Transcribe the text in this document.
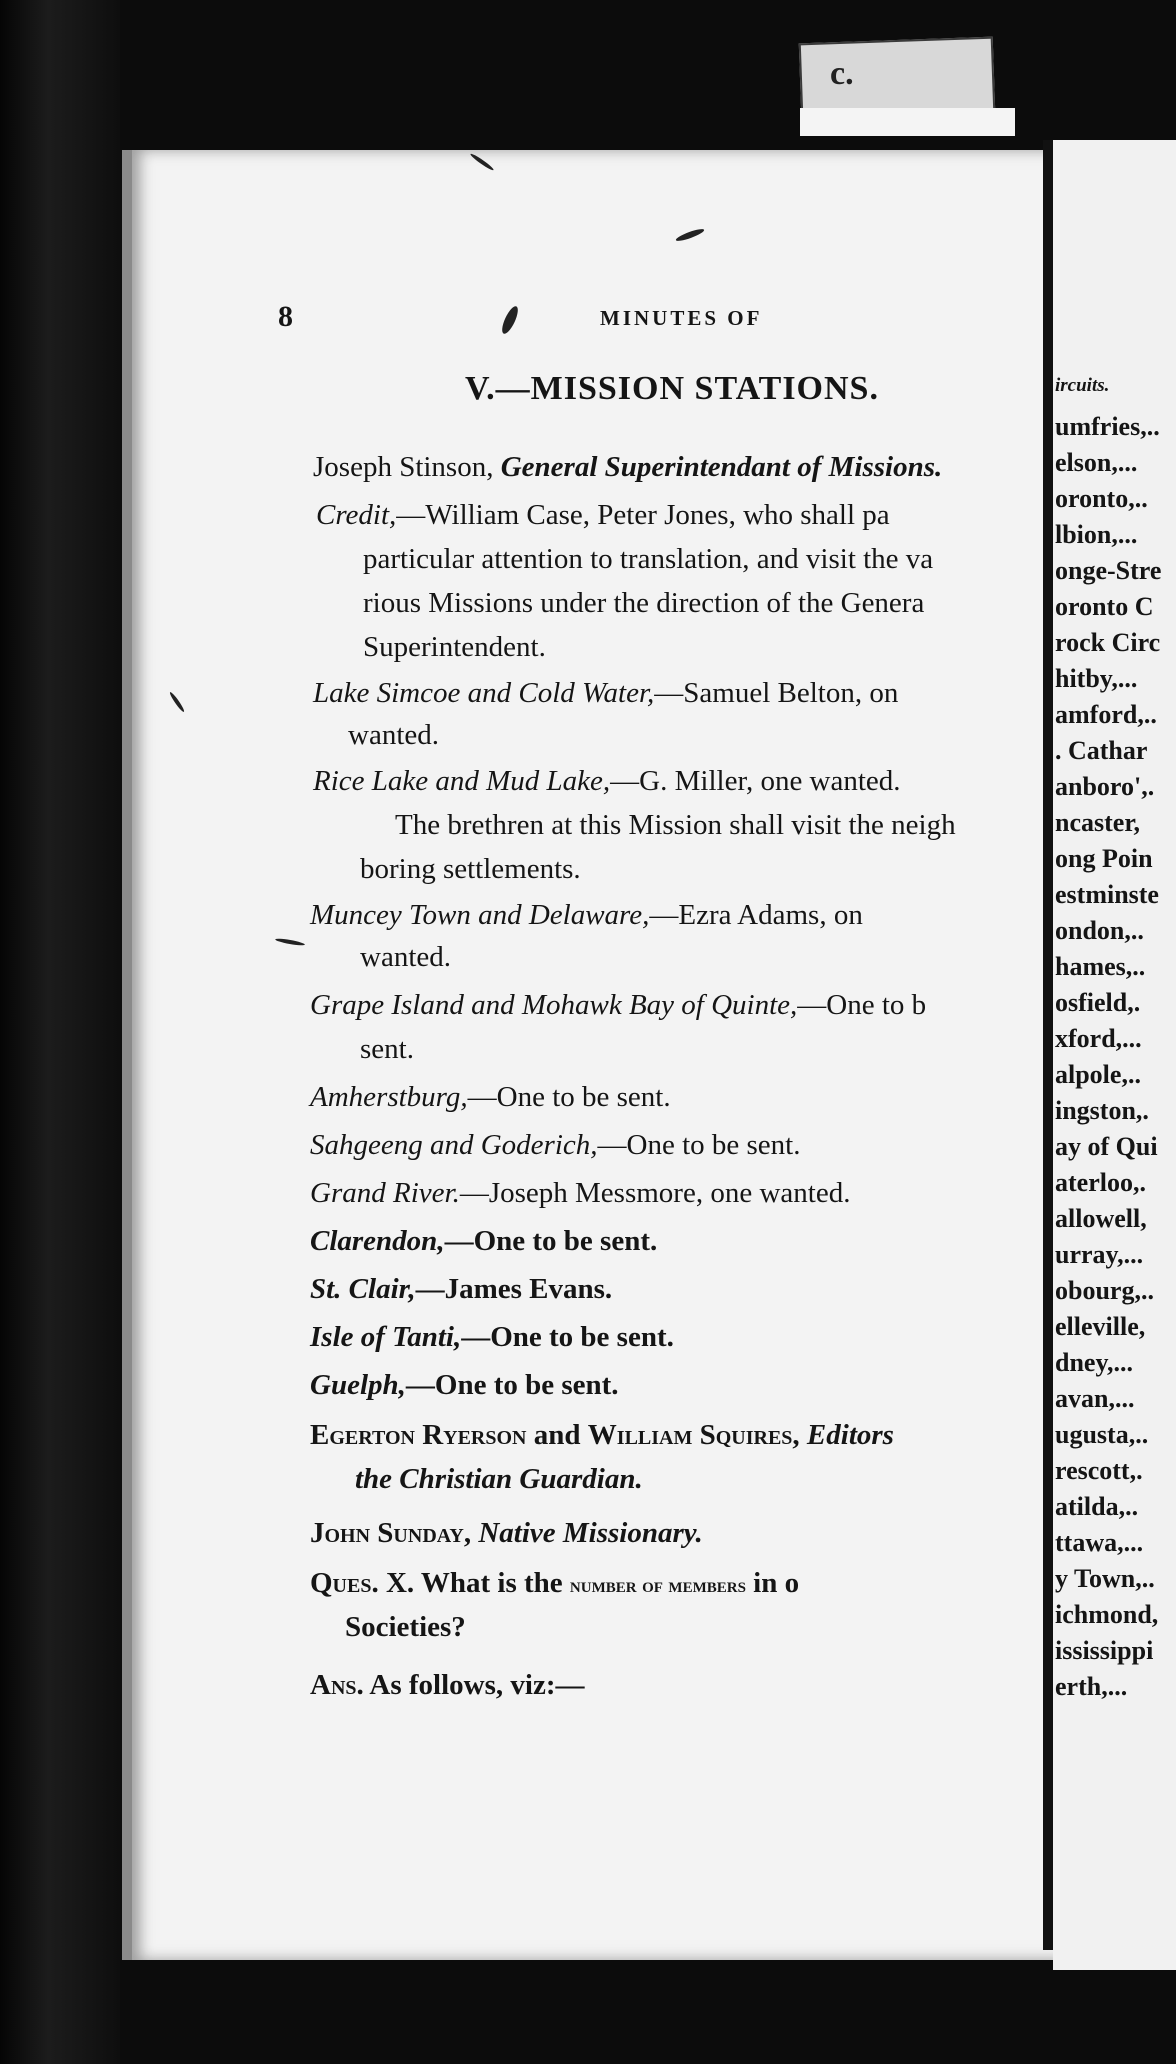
c.
8	MINUTES OF
V.—MISSION STATIONS.
Joseph Stinson, General Superintendant of Missions.
Credit,—William Case, Peter Jones, who shall pa
particular attention to translation, and visit the va
rious Missions under the direction of the Genera
Superintendent.
Lake Simcoe and Cold Water,—Samuel Belton, on
wanted.
Rice Lake and Mud Lake,—G. Miller, one wanted.
The brethren at this Mission shall visit the neigh
boring settlements.
Muncey Town and Delaware,—Ezra Adams, on
wanted.
Grape Island and Mohawk Bay of Quinte,—One to b
sent.
Amherstburg,—One to be sent.
Sahgeeng and Goderich,—One to be sent.
Grand River.—Joseph Messmore, one wanted.
Clarendon,—One to be sent.
St. Clair,—James Evans.
Isle of Tanti,—One to be sent.
Guelph,—One to be sent.
Egerton Ryerson and William Squires, Editors
the Christian Guardian.
John Sunday, Native Missionary.
Ques. X. What is the number of members in o
Societies?
Ans. As follows, viz:—
ircuits.
umfries,..
elson,...
oronto,..
lbion,...
onge-Stre
oronto C
rock Circ
hitby,...
amford,..
. Cathar
anboro',.
ncaster,
ong Poin
estminste
ondon,..
hames,..
osfield,.
xford,...
alpole,..
ingston,.
ay of Qui
aterloo,.
allowell,
urray,...
obourg,..
elleville,
dney,...
avan,...
ugusta,..
rescott,.
atilda,..
ttawa,...
y Town,..
ichmond,
ississippi
erth,...
